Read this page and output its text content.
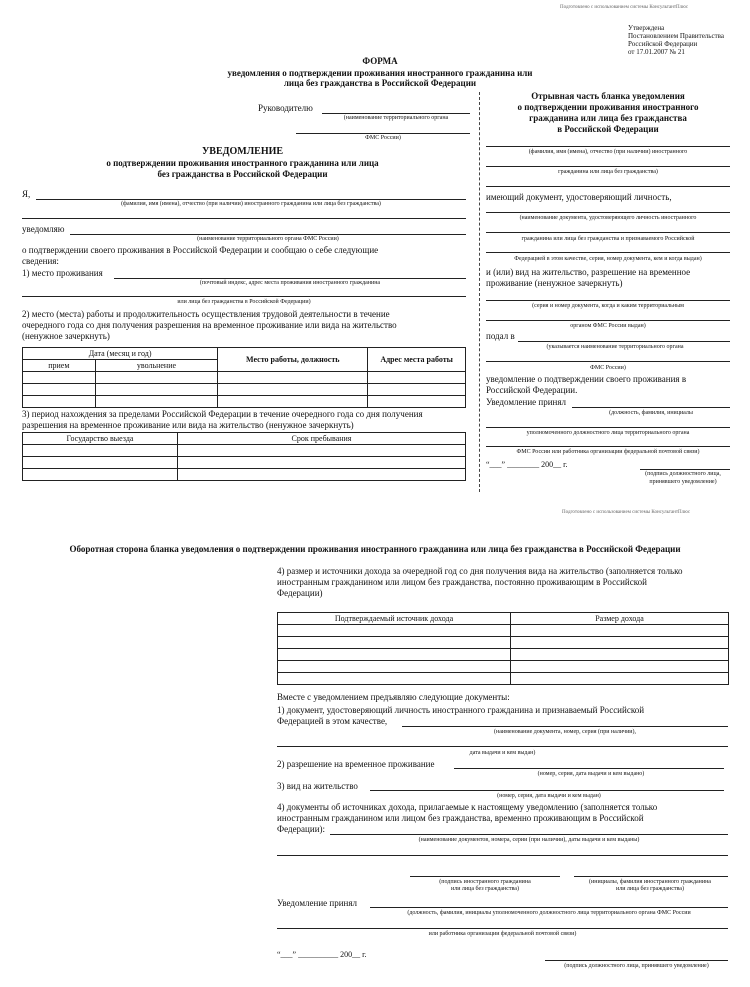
Подготовлено с использованием системы КонсультантПлюс
Утверждена
Постановлением Правительства
Российской Федерации
от 17.01.2007 № 21
ФОРМА
уведомления о подтверждении проживания иностранного гражданина или
лица без гражданства в Российской Федерации
Руководителю
(наименование территориального органа
ФМС России)
УВЕДОМЛЕНИЕ
о подтверждении проживания иностранного гражданина или лица
без гражданства в Российской Федерации
Я,
(фамилия, имя (имена), отчество (при наличии) иностранного гражданина или лица без гражданства)
уведомляю
(наименование территориального органа ФМС России)
о подтверждении своего проживания в Российской Федерации и сообщаю о себе следующие
сведения:
1) место проживания
(почтовый индекс, адрес места проживания иностранного гражданина
или лица без гражданства в Российской Федерации)
2) место (места) работы и продолжительность осуществления трудовой деятельности в течение
очередного года со дня получения разрешения на временное проживание или вида на жительство
(ненужное зачеркнуть)
Дата (месяц и год)		Место работы, должность	Адрес места работы
прием	увольнение		

3) период нахождения за пределами Российской Федерации в течение очередного года со дня получения
разрешения на временное проживание или вида на жительство (ненужное зачеркнуть)
Государство выезда	Срок пребывания

Отрывная часть бланка уведомления
о подтверждении проживания иностранного
гражданина или лица без гражданства
в Российской Федерации
(фамилия, имя (имена), отчество (при наличии) иностранного
гражданина или лица без гражданства)
имеющий документ, удостоверяющий личность,
(наименование документа, удостоверяющего личность иностранного
гражданина или лица без гражданства и признаваемого Российской
Федерацией в этом качестве, серия, номер документа, кем и когда выдан)
и (или) вид на жительство, разрешение на временное
проживание (ненужное зачеркнуть)
(серия и номер документа, когда и каким территориальным
органом ФМС России выдан)
подал в
(указывается наименование территориального органа
ФМС России)
уведомление о подтверждении своего проживания в
Российской Федерации.
Уведомление принял
(должность, фамилия, инициалы
уполномоченного должностного лица территориального органа
ФМС России или работника организации федеральной почтовой связи)
“___” ________ 200__ г.
(подпись должностного лица,
принявшего уведомление)
Подготовлено с использованием системы КонсультантПлюс
Оборотная сторона бланка уведомления о подтверждении проживания иностранного гражданина или лица без гражданства в Российской Федерации
4) размер и источники дохода за очередной год со дня получения вида на жительство (заполняется только
иностранным гражданином или лицом без гражданства, постоянно проживающим в Российской
Федерации)
Подтверждаемый источник дохода	Размер дохода

Вместе с уведомлением предъявляю следующие документы:
1) документ, удостоверяющий личность иностранного гражданина и признаваемый Российской
Федерацией в этом качестве,
(наименование документа, номер, серия (при наличии),
дата выдачи и кем выдан)
2) разрешение на временное проживание
(номер, серия, дата выдачи и кем выдано)
3) вид на жительство
(номер, серия, дата выдачи и кем выдан)
4) документы об источниках дохода, прилагаемые к настоящему уведомлению (заполняется только
иностранным гражданином или лицом без гражданства, временно проживающим в Российской
Федерации):
(наименование документов, номера, серии (при наличии), даты выдачи и кем выданы)
(подпись иностранного гражданина
или лица без гражданства)
(инициалы, фамилия иностранного гражданина
или лица без гражданства)
Уведомление принял
(должность, фамилия, инициалы уполномоченного должностного лица территориального органа ФМС России
или работника организации федеральной почтовой связи)
“___” __________ 200__ г.
(подпись должностного лица, принявшего уведомление)
